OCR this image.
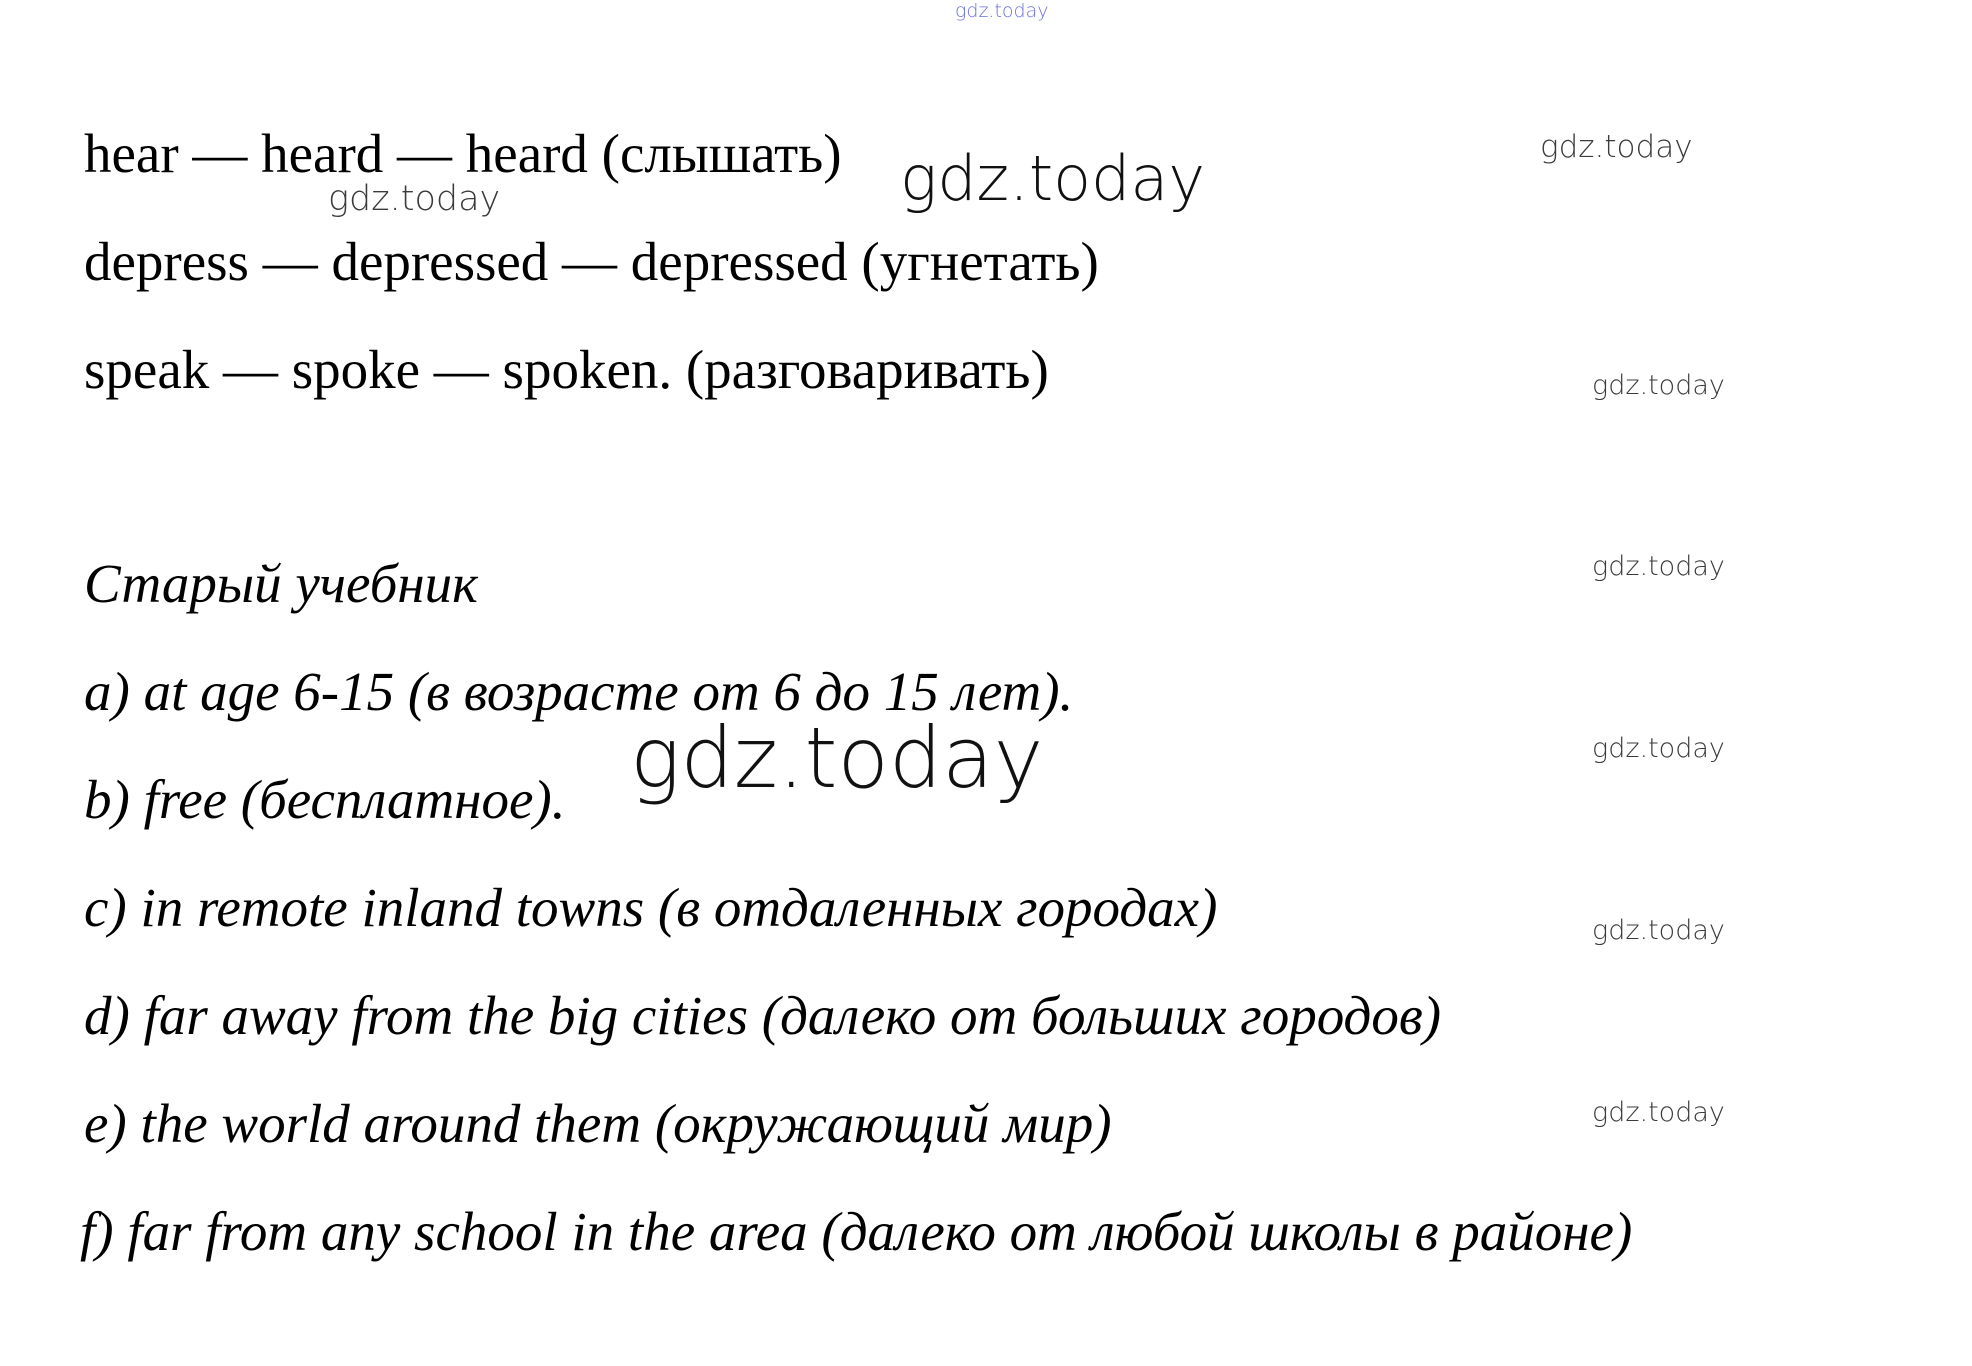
gdz.today
gdz.today
gdz.today	gdz.today
gdz.today
gdz.today
gdz.today
gdz.today
gdz.today
gdz.today
hear — heard — heard (слышать)
depress — depressed — depressed (угнетать)
speak — spoke — spoken. (разговаривать)
Старый учебник
a) at age 6-15 (в возрасте от 6 до 15 лет).
b) free (бесплатное).
c) in remote inland towns (в отдаленных городах)
d) far away from the big cities (далеко от больших городов)
e) the world around them (окружающий мир)
f) far from any school in the area (далеко от любой школы в районе)
